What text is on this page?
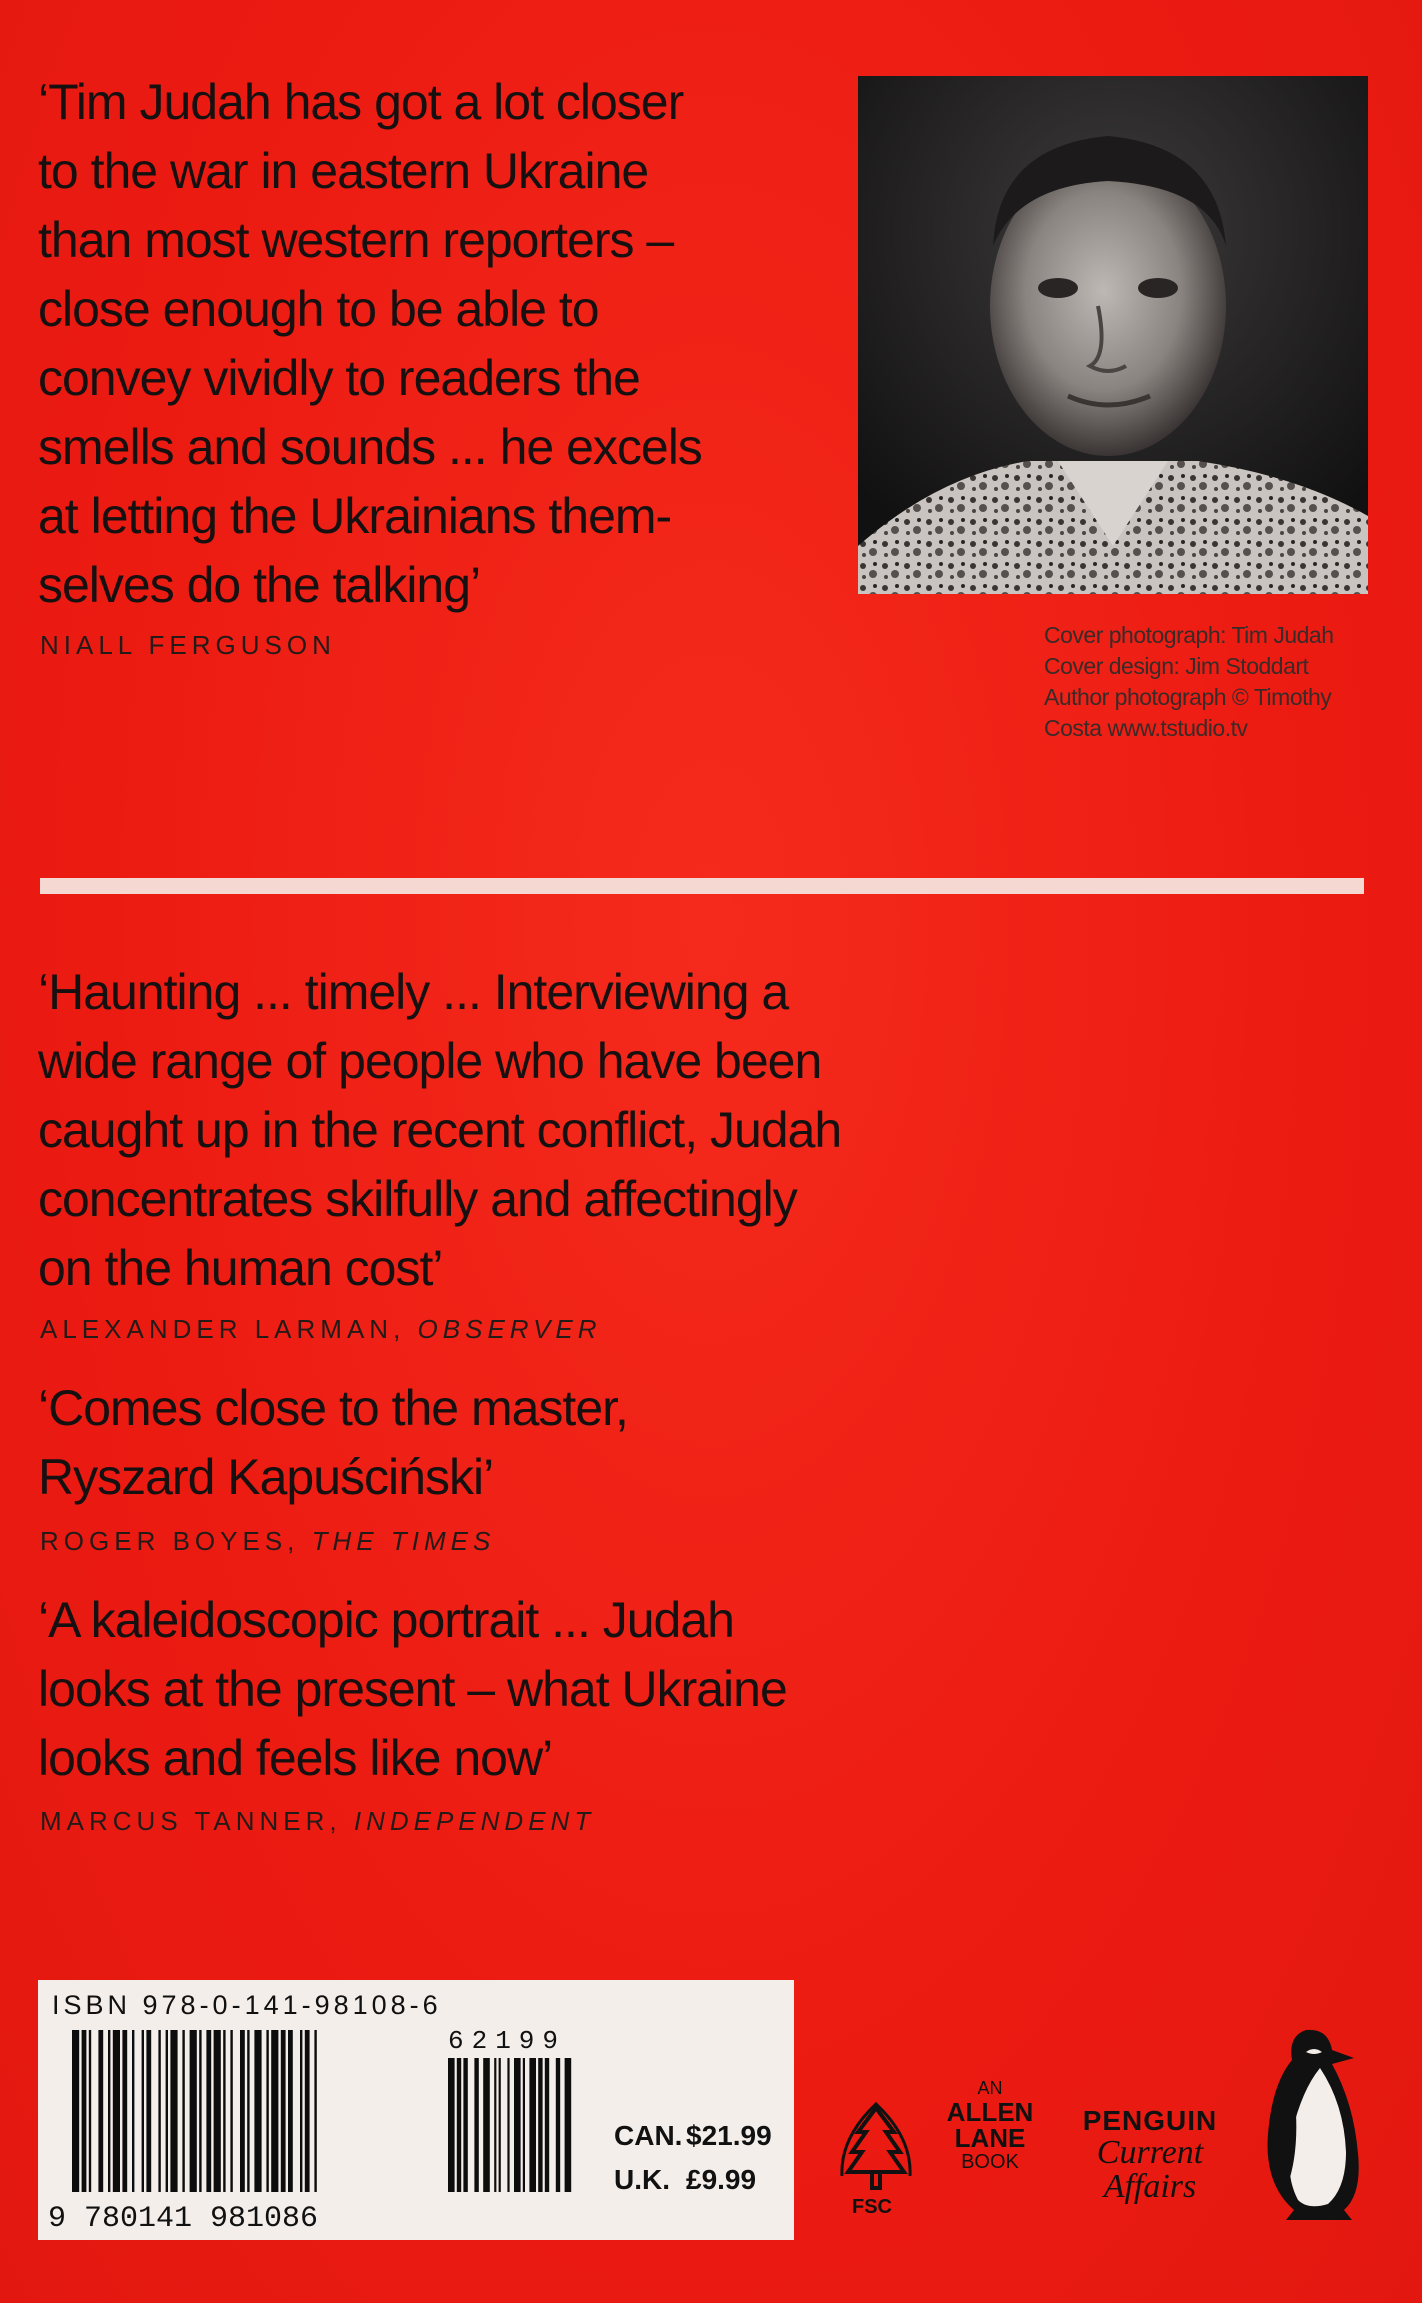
‘Tim Judah has got a lot closer
to the war in eastern Ukraine
than most western reporters –
close enough to be able to
convey vividly to readers the
smells and sounds ... he excels
at letting the Ukrainians them-
selves do the talking’
NIALL FERGUSON	Cover photograph: Tim Judah
Cover design: Jim Stoddart
Author photograph © Timothy
Costa www.tstudio.tv
‘Haunting ... timely ... Interviewing a
wide range of people who have been
caught up in the recent conflict, Judah
concentrates skilfully and affectingly
on the human cost’
ALEXANDER LARMAN, OBSERVER
‘Comes close to the master,
Ryszard Kapuściński’
ROGER BOYES, THE TIMES
‘A kaleidoscopic portrait ... Judah
looks at the present – what Ukraine
looks and feels like now’
MARCUS TANNER, INDEPENDENT
ISBN 978-0-141-98108-6
9 780141 981086
62199
CAN. $21.99
U.K. £9.99
FSC
AN
ALLEN
LANE
BOOK
PENGUIN
Current
Affairs
